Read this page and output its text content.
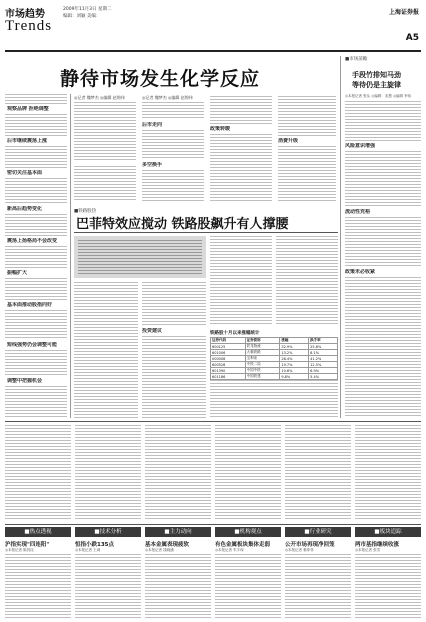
市场趋势
Trends
2009年11月3日 星期二
编辑：刘颖 美编：
上海证券报
A5
静待市场发生化学反应
观察品牌 拒绝调整
后市继续震荡上涨
密切关注基本面
新高后趋势变化
震荡上扬格局不会改变
振幅扩大
基本面推动股指向好
短线强势仍会调整可能
调整中把握机会
◎记者 魏梦杰 ◎编辑 赵锦伟	◎记者 魏梦杰 ◎编辑 赵锦伟
后市走向
多空换手
政策转暖
消费升级
■市场前瞻
手段竹排知马劲
等待仍是主旋律
◎本报记者 张从 ◎编辑：宋慧 ◎编辑 李伟
风险意识增强
流动性充裕
政策未必收紧
■铁路股热
巴菲特效应搅动 铁路股飙升有人撑腰
投资建议	铁路股十月以来涨幅统计
证券代码	证券简称	涨幅	换手率
600125	铁龙物流	32.9%	25.6%
601006	大秦铁路	13.2%	8.1%
000008	宝利来	28.4%	41.2%
600528	中铁二局	19.7%	12.5%
601390	中国中铁	10.6%	6.9%
601186	中国铁建	9.8%	5.4%
■热点透视	■技术分析	■主力动向	■机构观点	■行业研究	■板块追踪
沪指实现"四连阳"
◎本报记者 陈其珏
恒指小跌135点
◎本报记者 王诚
基本金属表现疲软
◎本报记者 钱晓涵
有色金属板块集体走弱
◎本报记者 朱宇琛
公开市场再现净回笼
◎本报记者 秦菲菲
两市基指继续收涨
◎本报记者 张雪
